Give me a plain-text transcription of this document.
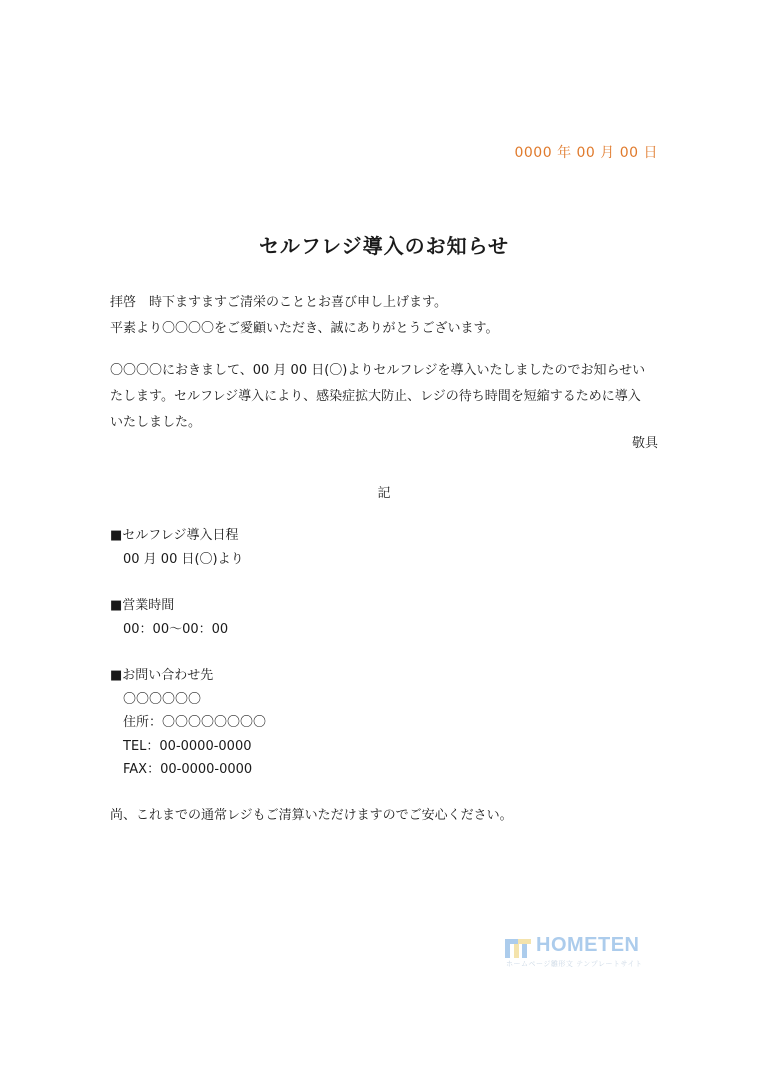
0000 年 00 月 00 日
セルフレジ導入のお知らせ
拝啓　時下ますますご清栄のこととお喜び申し上げます。
平素より〇〇〇〇をご愛顧いただき、誠にありがとうございます。
〇〇〇〇におきまして、00 月 00 日(〇)よりセルフレジを導入いたしましたのでお知らせい
たします。セルフレジ導入により、感染症拡大防止、レジの待ち時間を短縮するために導入
いたしました。
敬具
記
■セルフレジ導入日程
00 月 00 日(〇)より
■営業時間
00：00～00：00
■お問い合わせ先
〇〇〇〇〇〇
住所：〇〇〇〇〇〇〇〇
TEL：00-0000-0000
FAX：00-0000-0000
尚、これまでの通常レジもご清算いただけますのでご安心ください。
HOMETEN
ホームページ雛形文 テンプレートサイト
